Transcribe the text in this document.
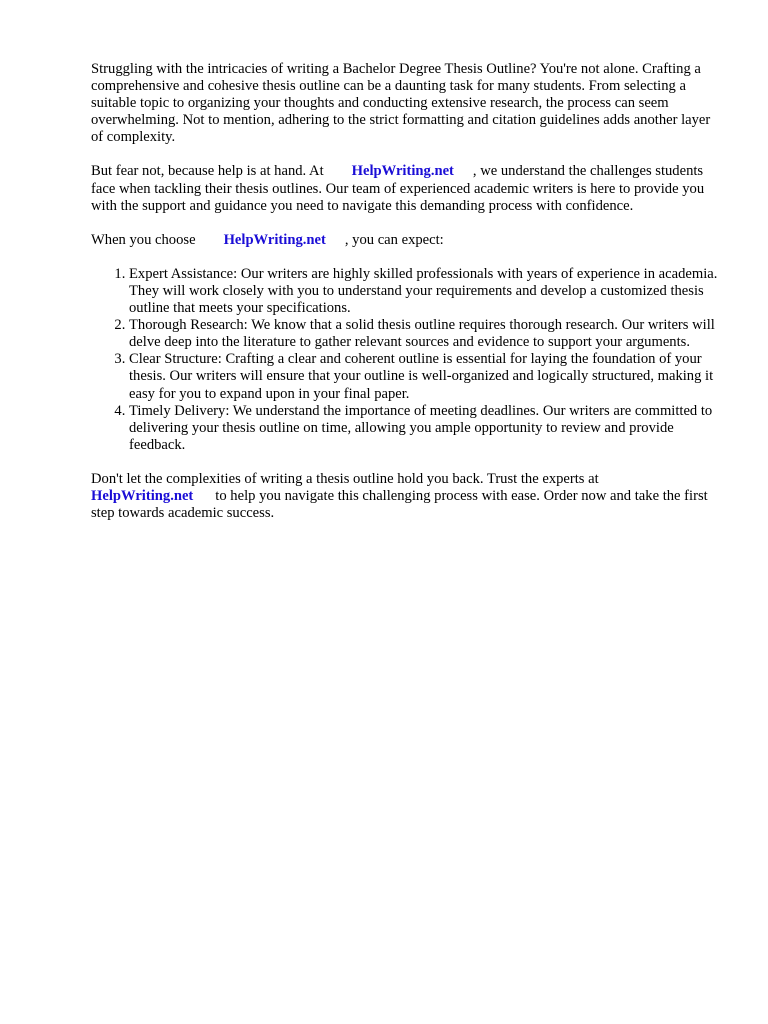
Struggling with the intricacies of writing a Bachelor Degree Thesis Outline? You're not alone. Crafting a comprehensive and cohesive thesis outline can be a daunting task for many students. From selecting a suitable topic to organizing your thoughts and conducting extensive research, the process can seem overwhelming. Not to mention, adhering to the strict formatting and citation guidelines adds another layer of complexity.

But fear not, because help is at hand. At HelpWriting.net , we understand the challenges students face when tackling their thesis outlines. Our team of experienced academic writers is here to provide you with the support and guidance you need to navigate this demanding process with confidence.

When you choose HelpWriting.net , you can expect:

1. Expert Assistance: Our writers are highly skilled professionals with years of experience in academia. They will work closely with you to understand your requirements and develop a customized thesis outline that meets your specifications.
2. Thorough Research: We know that a solid thesis outline requires thorough research. Our writers will delve deep into the literature to gather relevant sources and evidence to support your arguments.
3. Clear Structure: Crafting a clear and coherent outline is essential for laying the foundation of your thesis. Our writers will ensure that your outline is well-organized and logically structured, making it easy for you to expand upon in your final paper.
4. Timely Delivery: We understand the importance of meeting deadlines. Our writers are committed to delivering your thesis outline on time, allowing you ample opportunity to review and provide feedback.

Don't let the complexities of writing a thesis outline hold you back. Trust the experts at HelpWriting.net to help you navigate this challenging process with ease. Order now and take the first step towards academic success.
